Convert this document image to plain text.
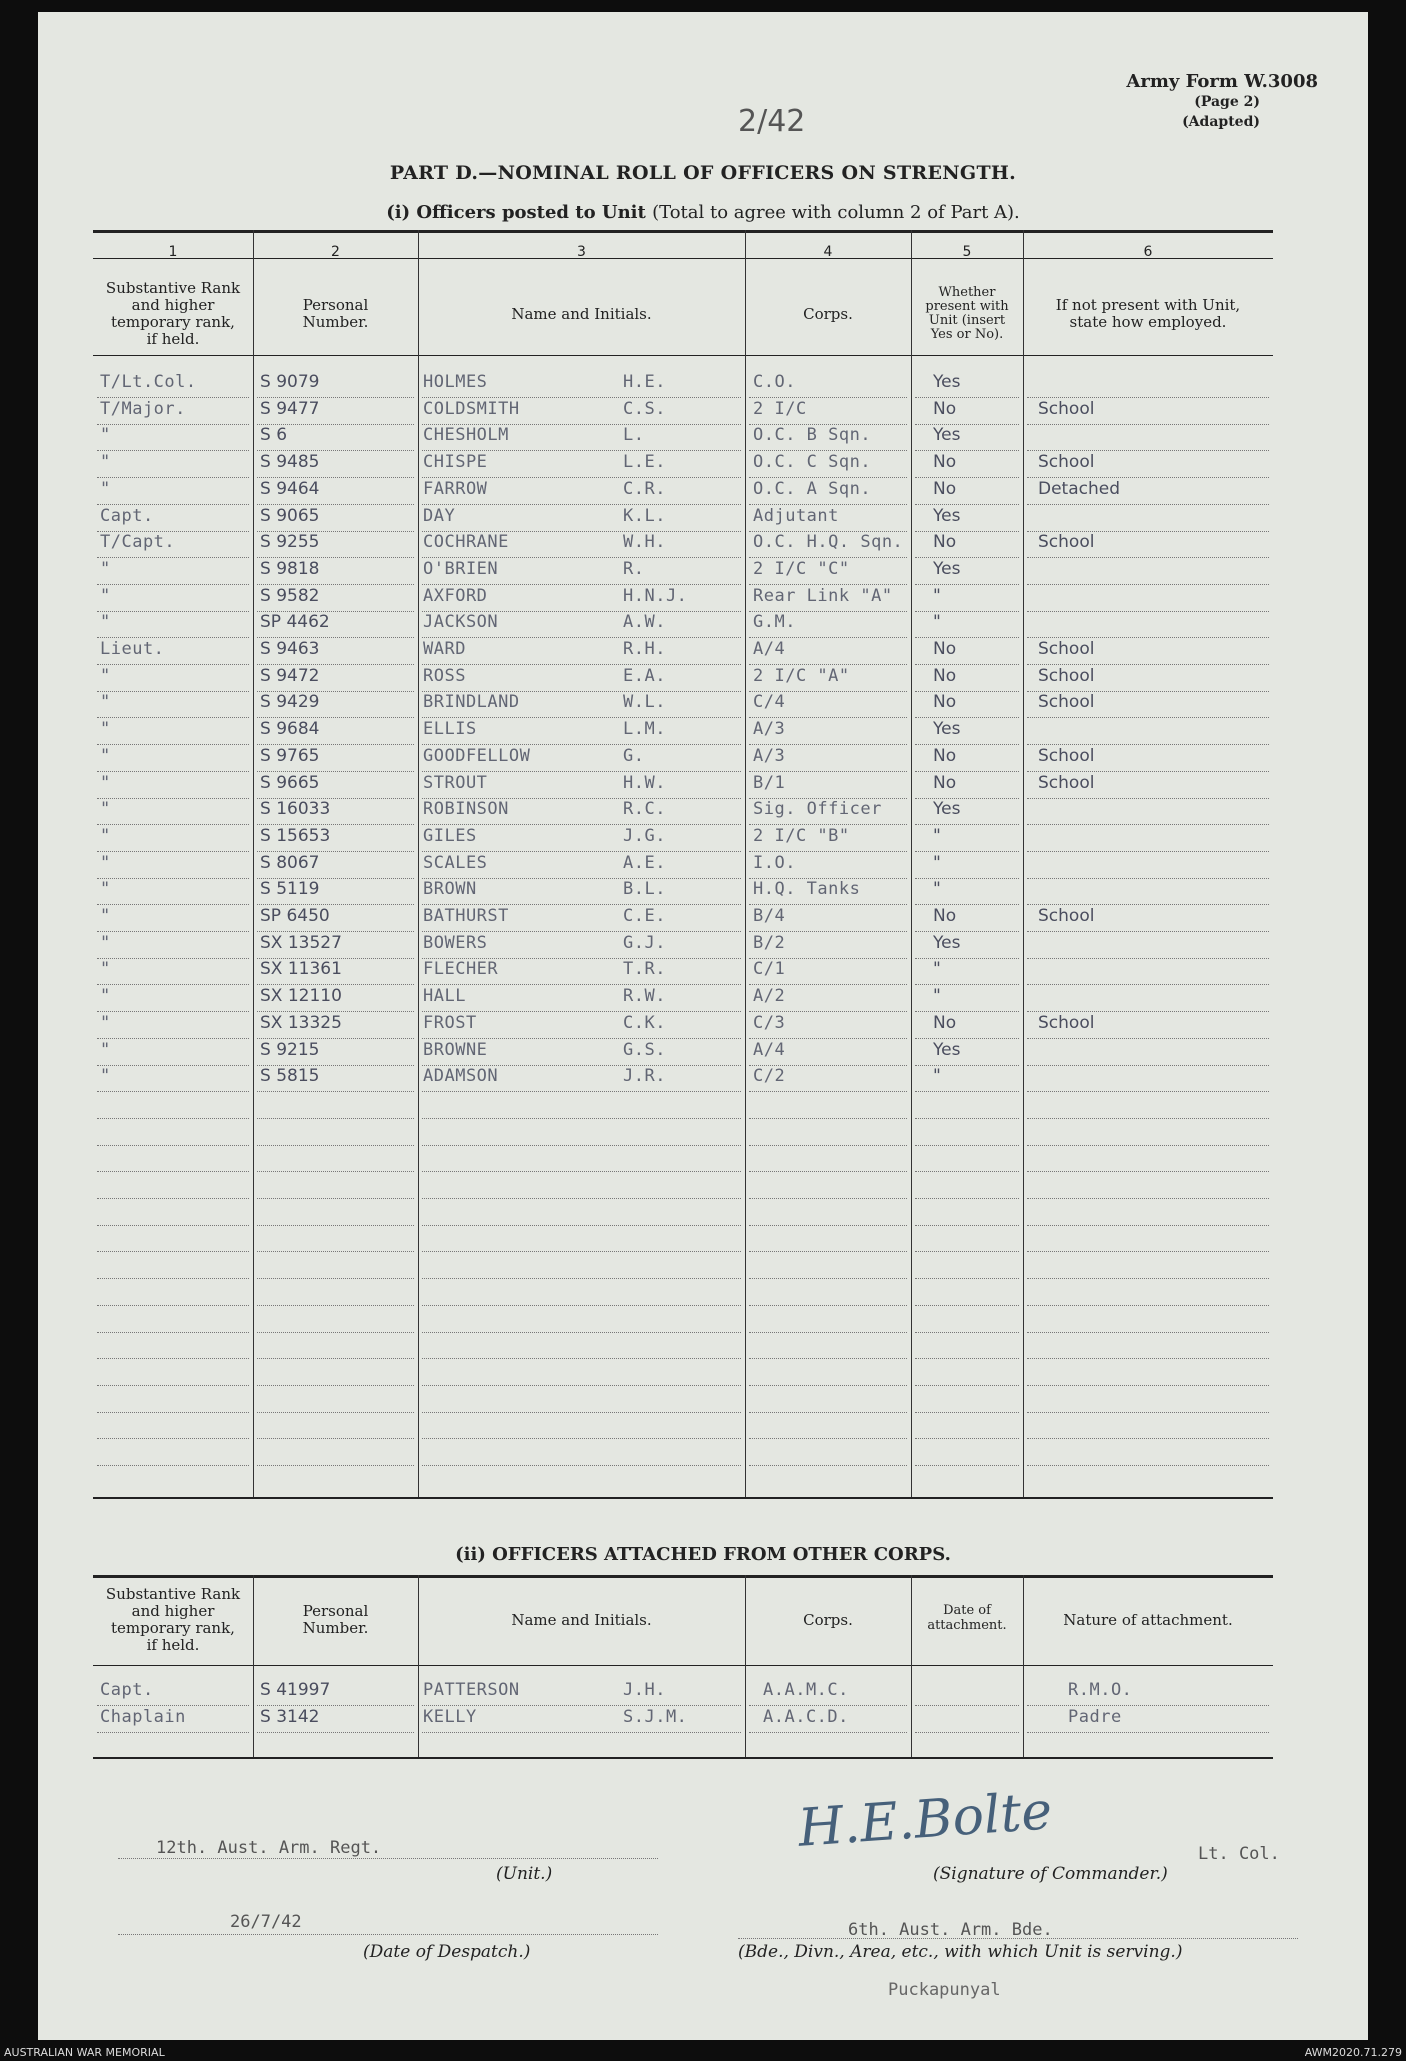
Army Form W.3008
(Page 2)
(Adapted)
2/42
PART D.—NOMINAL ROLL OF OFFICERS ON STRENGTH.
(i) Officers posted to Unit (Total to agree with column 2 of Part A).
1	2	3	4	5	6
Substantive Rank
and higher
temporary rank,
if held.
Personal
Number.	Name and Initials.	Corps.
Whether
present with
Unit (insert
Yes or No).
If not present with Unit,
state how employed.
T/Lt.Col.	S 9079	HOLMES	H.E.	C.O.	Yes
T/Major.	S 9477	COLDSMITH	C.S.	2 I/C	No	School
"	S 6	CHESHOLM	L.	O.C. B Sqn.	Yes
"	S 9485	CHISPE	L.E.	O.C. C Sqn.	No	School
"	S 9464	FARROW	C.R.	O.C. A Sqn.	No	Detached
Capt.	S 9065	DAY	K.L.	Adjutant	Yes
T/Capt.	S 9255	COCHRANE	W.H.	O.C. H.Q. Sqn. No	School
"	S 9818	O'BRIEN	R.	2 I/C "C"	Yes
"	S 9582	AXFORD	H.N.J.	Rear Link "A" "
"	SP 4462	JACKSON	A.W.	G.M.	"
Lieut.	S 9463	WARD	R.H.	A/4	No	School
"	S 9472	ROSS	E.A.	2 I/C "A"	No	School
"	S 9429	BRINDLAND	W.L.	C/4	No	School
"	S 9684	ELLIS	L.M.	A/3	Yes
"	S 9765	GOODFELLOW	G.	A/3	No	School
"	S 9665	STROUT	H.W.	B/1	No	School
"	S 16033	ROBINSON	R.C.	Sig. Officer	Yes
"	S 15653	GILES	J.G.	2 I/C "B"	"
"	S 8067	SCALES	A.E.	I.O.	"
"	S 5119	BROWN	B.L.	H.Q. Tanks	"
"	SP 6450	BATHURST	C.E.	B/4	No	School
"	SX 13527	BOWERS	G.J.	B/2	Yes
"	SX 11361	FLECHER	T.R.	C/1	"
"	SX 12110	HALL	R.W.	A/2	"
"	SX 13325	FROST	C.K.	C/3	No	School
"	S 9215	BROWNE	G.S.	A/4	Yes
"	S 5815	ADAMSON	J.R.	C/2	"
(ii) OFFICERS ATTACHED FROM OTHER CORPS.
Substantive Rank
and higher
temporary rank,
if held.
Personal
Number.	Name and Initials.	Corps.	Date of
attachment.	Nature of attachment.
Capt.	S 41997	PATTERSON	J.H.	A.A.M.C.	R.M.O.
Chaplain	S 3142	KELLY	S.J.M.	A.A.C.D.	Padre
12th. Aust. Arm. Regt.
(Unit.)
H.E.Bolte	Lt. Col.
(Signature of Commander.)
26/7/42
(Date of Despatch.)
6th. Aust. Arm. Bde.
(Bde., Divn., Area, etc., with which Unit is serving.)
Puckapunyal
AUSTRALIAN WAR MEMORIAL	AWM2020.71.279
